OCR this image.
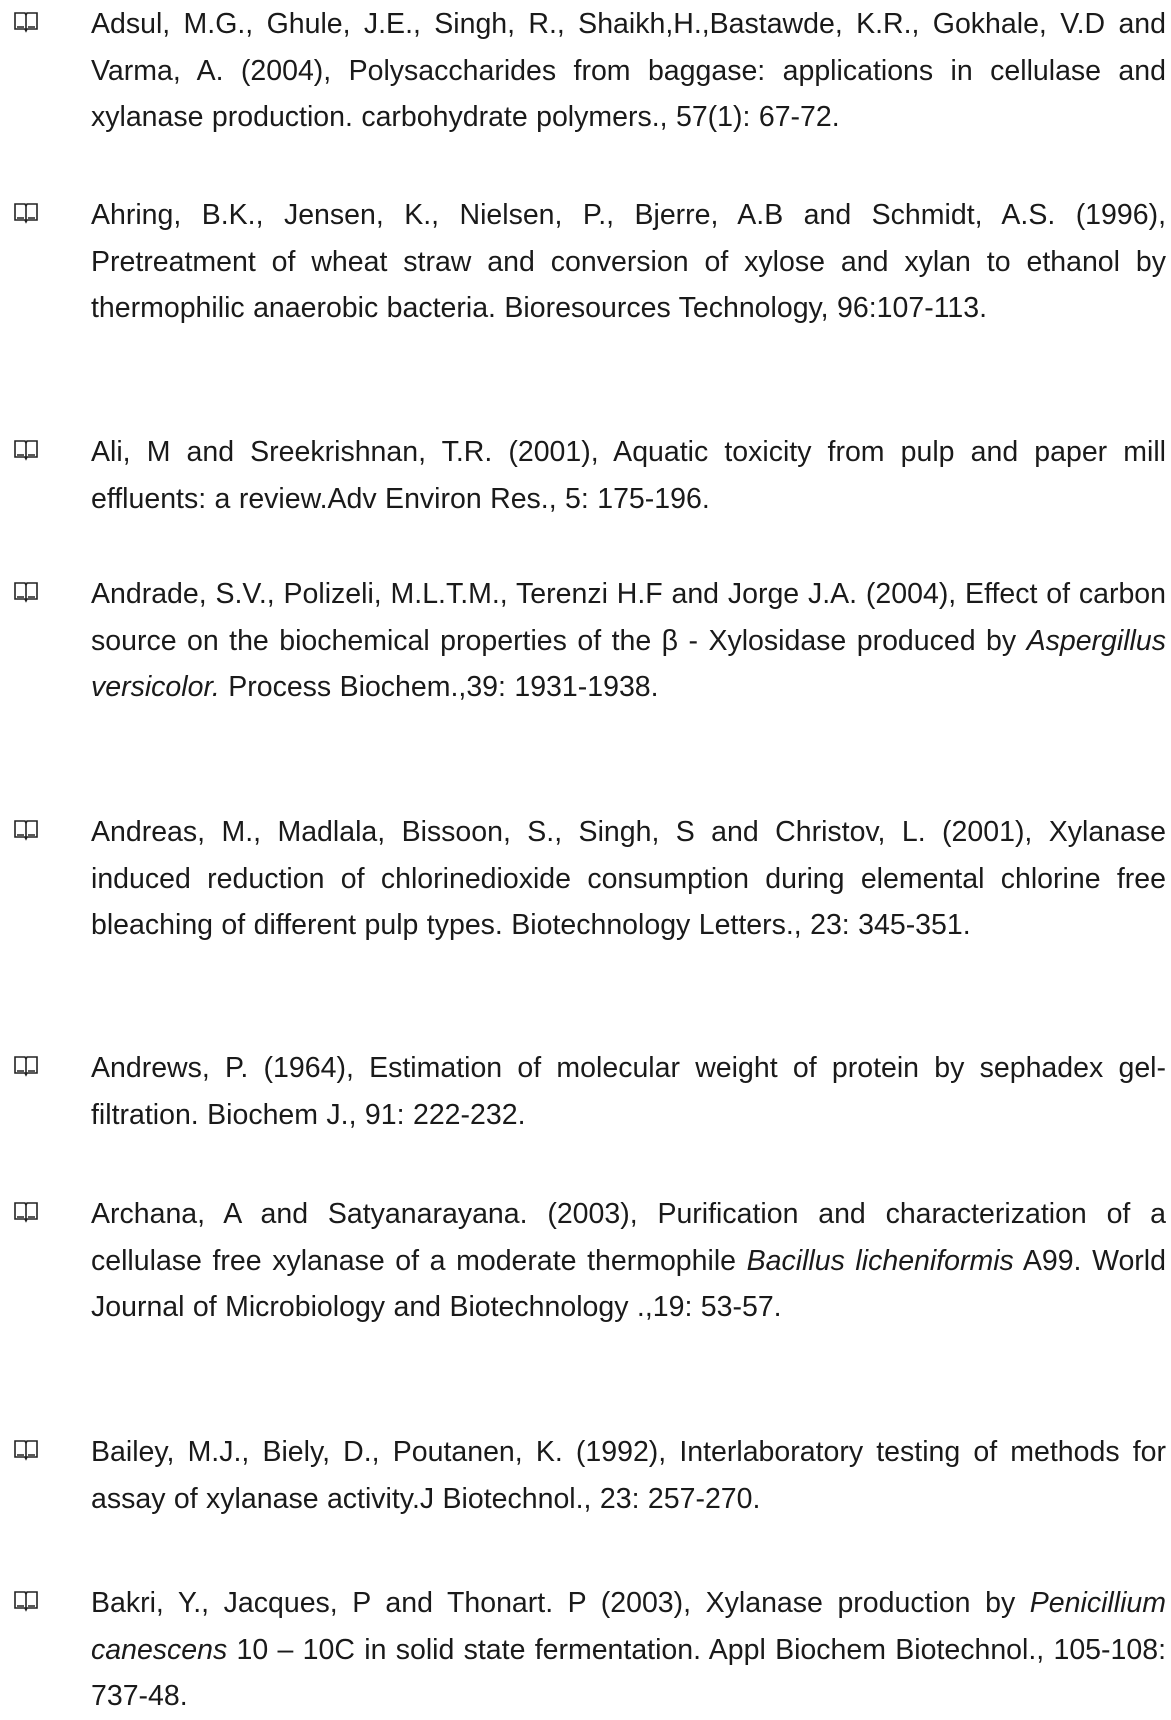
Adsul, M.G., Ghule, J.E., Singh, R., Shaikh,H.,Bastawde, K.R., Gokhale, V.D and Varma, A. (2004), Polysaccharides from baggase: applications in cellulase and xylanase production. carbohydrate polymers., 57(1): 67-72.
Ahring, B.K., Jensen, K., Nielsen, P., Bjerre, A.B and Schmidt, A.S. (1996), Pretreatment of wheat straw and conversion of xylose and xylan to ethanol by thermophilic anaerobic bacteria. Bioresources Technology, 96:107-113.
Ali, M and Sreekrishnan, T.R. (2001), Aquatic toxicity from pulp and paper mill effluents: a review.Adv Environ Res., 5: 175-196.
Andrade, S.V., Polizeli, M.L.T.M., Terenzi H.F and Jorge J.A. (2004), Effect of carbon source on the biochemical properties of the β - Xylosidase produced by Aspergillus versicolor. Process Biochem.,39: 1931-1938.
Andreas, M., Madlala, Bissoon, S., Singh, S and Christov, L. (2001), Xylanase induced reduction of chlorinedioxide consumption during elemental chlorine free bleaching of different pulp types. Biotechnology Letters., 23: 345-351.
Andrews, P. (1964), Estimation of molecular weight of protein by sephadex gel-filtration. Biochem J., 91: 222-232.
Archana, A and Satyanarayana. (2003), Purification and characterization of a cellulase free xylanase of a moderate thermophile Bacillus licheniformis A99. World Journal of Microbiology and Biotechnology .,19: 53-57.
Bailey, M.J., Biely, D., Poutanen, K. (1992), Interlaboratory testing of methods for assay of xylanase activity.J Biotechnol., 23: 257-270.
Bakri, Y., Jacques, P and Thonart. P (2003), Xylanase production by Penicillium canescens 10 – 10C in solid state fermentation. Appl Biochem Biotechnol., 105-108: 737-48.
